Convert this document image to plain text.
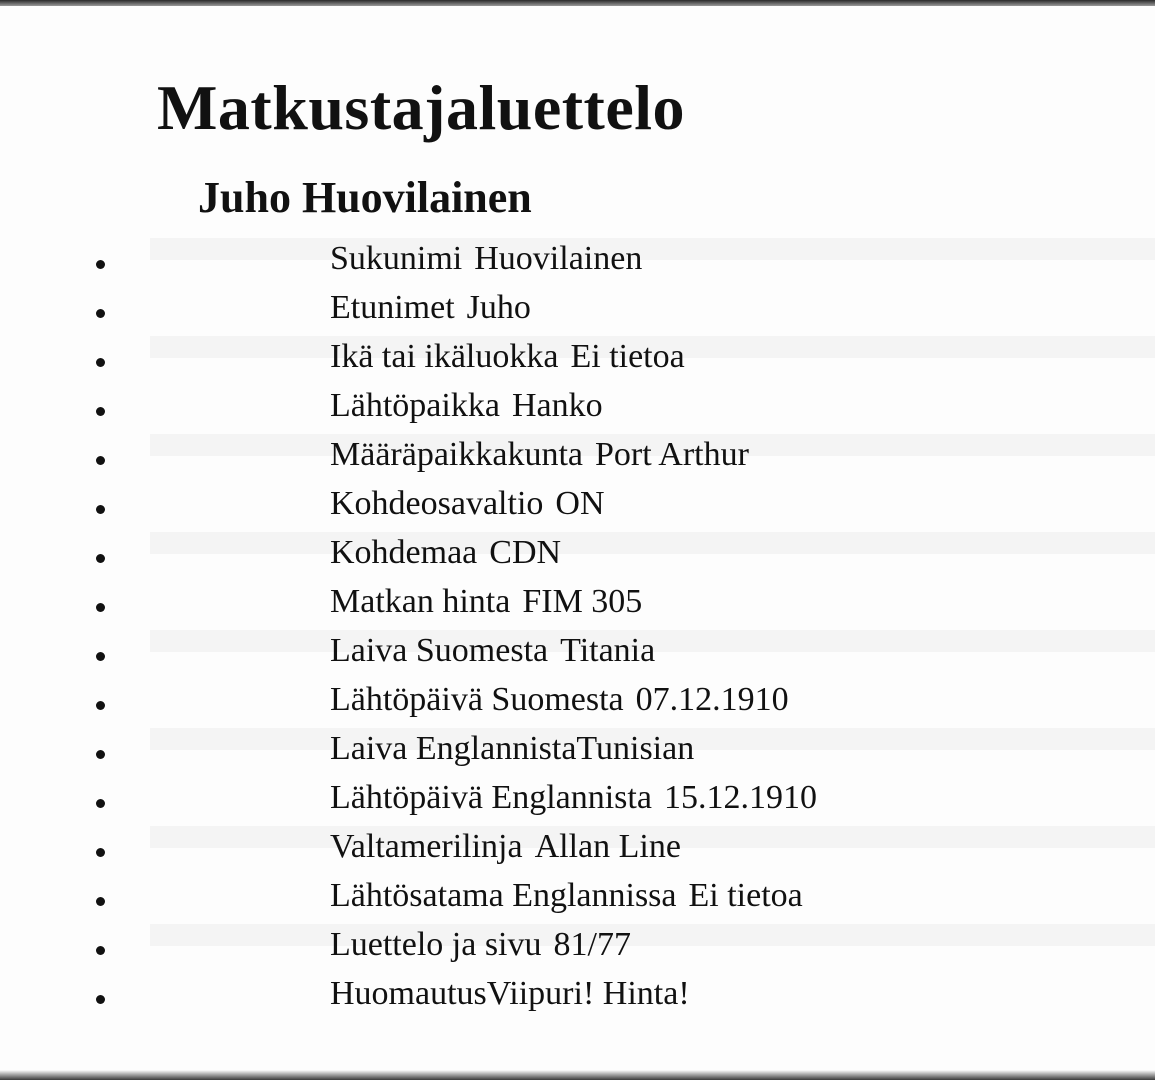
Matkustajaluettelo
Juho Huovilainen
Sukunimi Huovilainen
Etunimet Juho
Ikä tai ikäluokka Ei tietoa
Lähtöpaikka Hanko
Määräpaikkakunta Port Arthur
Kohdeosavaltio ON
Kohdemaa CDN
Matkan hinta FIM 305
Laiva Suomesta Titania
Lähtöpäivä Suomesta 07.12.1910
Laiva EnglannistaTunisian
Lähtöpäivä Englannista 15.12.1910
Valtamerilinja Allan Line
Lähtösatama Englannissa Ei tietoa
Luettelo ja sivu 81/77
HuomautusViipuri! Hinta!
